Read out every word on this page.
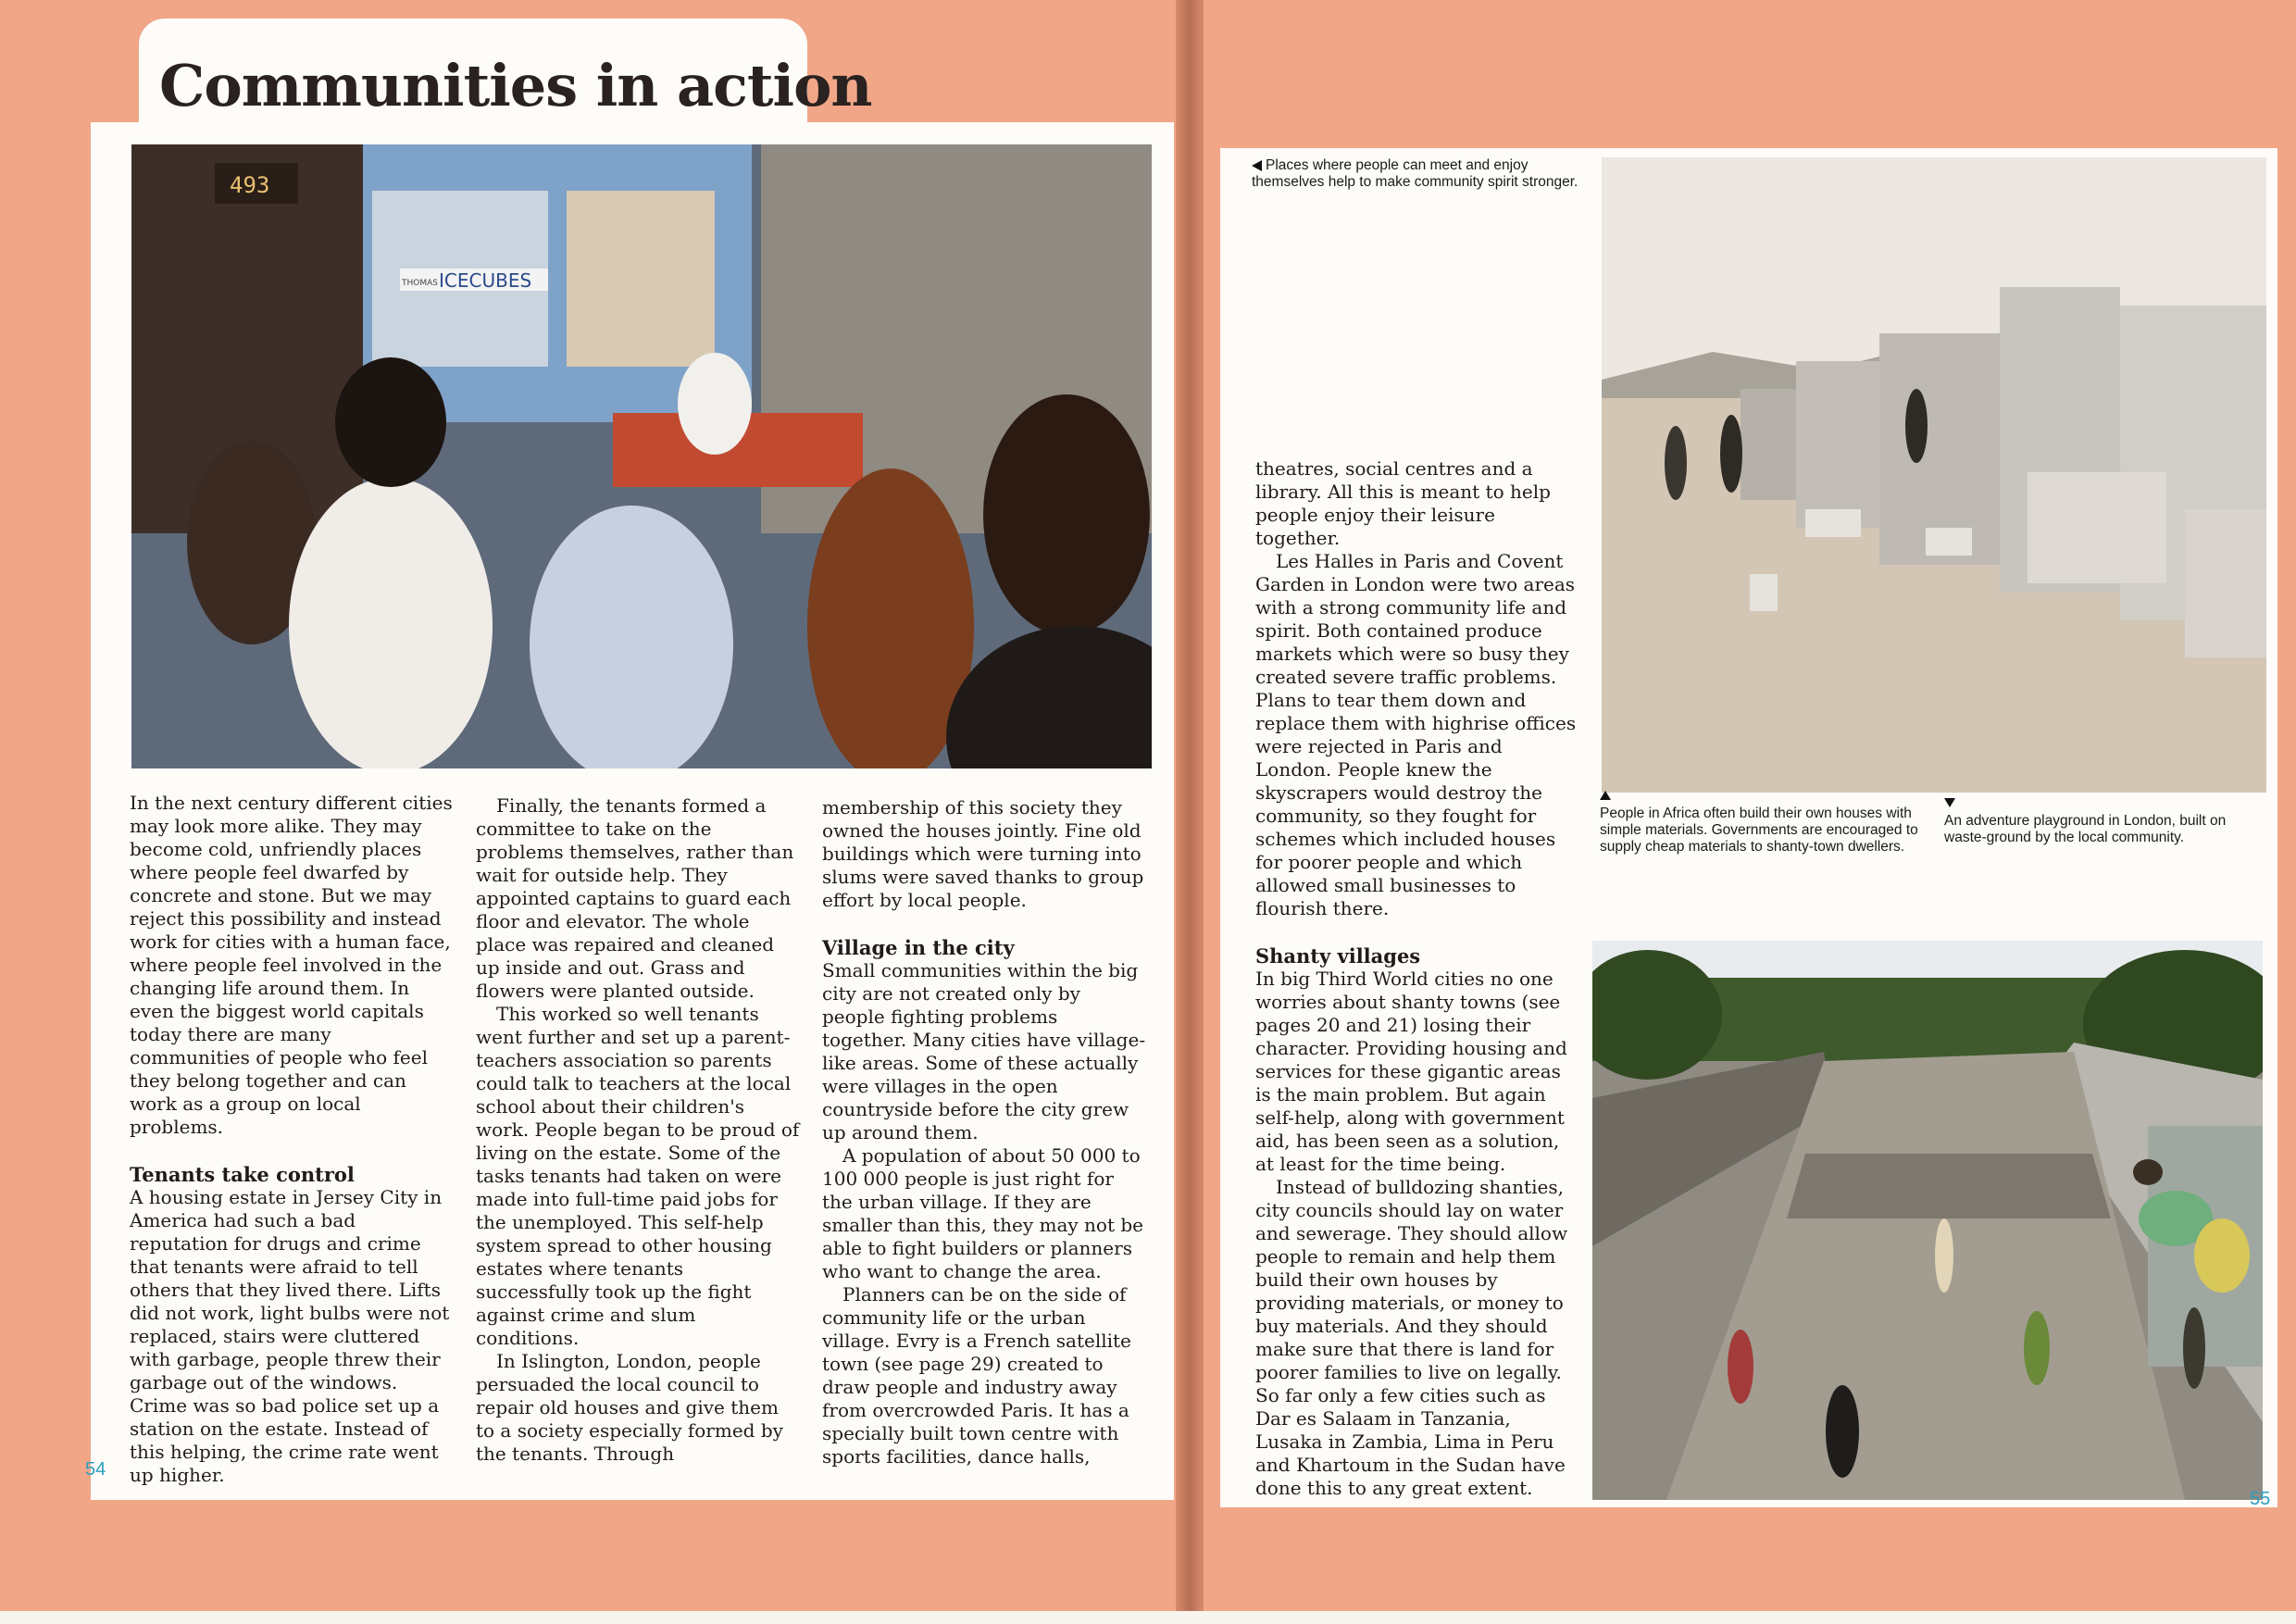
Communities in action
493
THOMAS ICECUBES

In the next century different cities may look more alike. They may become cold, unfriendly places where people feel dwarfed by concrete and stone. But we may reject this possibility and instead work for cities with a human face, where people feel involved in the changing life around them. In even the biggest world capitals today there are many communities of people who feel they belong together and can work as a group on local problems.

Tenants take control

A housing estate in Jersey City in America had such a bad reputation for drugs and crime that tenants were afraid to tell others that they lived there. Lifts did not work, light bulbs were not replaced, stairs were cluttered with garbage, people threw their garbage out of the windows. Crime was so bad police set up a station on the estate. Instead of this helping, the crime rate went up higher.

Finally, the tenants formed a committee to take on the problems themselves, rather than wait for outside help. They appointed captains to guard each floor and elevator. The whole place was repaired and cleaned up inside and out. Grass and flowers were planted outside.

This worked so well tenants went further and set up a parent-teachers association so parents could talk to teachers at the local school about their children's work. People began to be proud of living on the estate. Some of the tasks tenants had taken on were made into full-time paid jobs for the unemployed. This self-help system spread to other housing estates where tenants successfully took up the fight against crime and slum conditions.

In Islington, London, people persuaded the local council to repair old houses and give them to a society especially formed by the tenants. Through

membership of this society they owned the houses jointly. Fine old buildings which were turning into slums were saved thanks to group effort by local people.

Village in the city

Small communities within the big city are not created only by people fighting problems together. Many cities have village-like areas. Some of these actually were villages in the open countryside before the city grew up around them.

A population of about 50 000 to 100 000 people is just right for the urban village. If they are smaller than this, they may not be able to fight builders or planners who want to change the area.

Planners can be on the side of community life or the urban village. Evry is a French satellite town (see page 29) created to draw people and industry away from overcrowded Paris. It has a specially built town centre with sports facilities, dance halls,

54
Places where people can meet and enjoy themselves help to make community spirit stronger.

theatres, social centres and a library. All this is meant to help people enjoy their leisure together.

Les Halles in Paris and Covent Garden in London were two areas with a strong community life and spirit. Both contained produce markets which were so busy they created severe traffic problems. Plans to tear them down and replace them with highrise offices were rejected in Paris and London. People knew the skyscrapers would destroy the community, so they fought for schemes which included houses for poorer people and which allowed small businesses to flourish there.

Shanty villages

In big Third World cities no one worries about shanty towns (see pages 20 and 21) losing their character. Providing housing and services for these gigantic areas is the main problem. But again self-help, along with government aid, has been seen as a solution, at least for the time being.

Instead of bulldozing shanties, city councils should lay on water and sewerage. They should allow people to remain and help them build their own houses by providing materials, or money to buy materials. And they should make sure that there is land for poorer families to live on legally. So far only a few cities such as Dar es Salaam in Tanzania, Lusaka in Zambia, Lima in Peru and Khartoum in the Sudan have done this to any great extent.

People in Africa often build their own houses with simple materials. Governments are encouraged to supply cheap materials to shanty-town dwellers.
An adventure playground in London, built on waste-ground by the local community.
55
